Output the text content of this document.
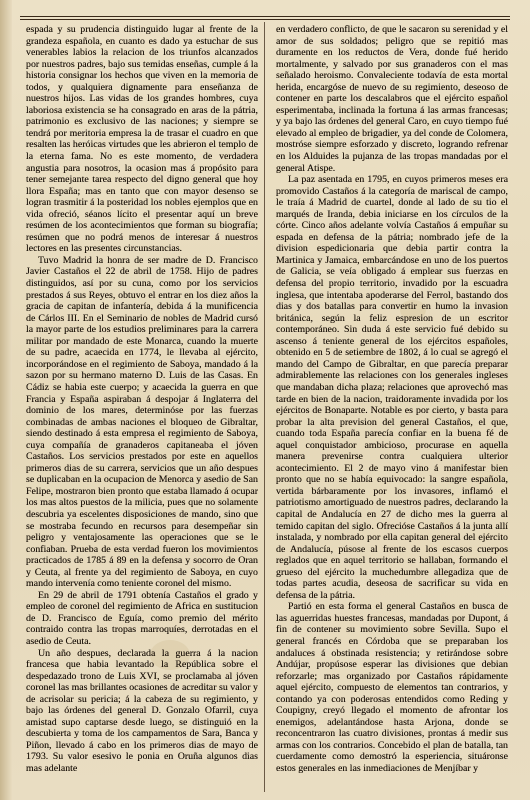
espada y su prudencia distinguido lugar al frente de la grandeza española, en cuanto es dado ya estuchar de sus venerables labios la relacion de los triunfos alcanzados por nuestros padres, bajo sus temidas enseñas, cumple á la historia consignar los hechos que viven en la memoria de todos, y qualquiera dignamente para enseñanza de nuestros hijos. Las vidas de los grandes hombres, cuya laboriosa existencia se ha consagrado en aras de la pátria, patrimonio es exclusivo de las naciones; y siempre se tendrá por meritoria empresa la de trasar el cuadro en que resalten las heróicas virtudes que les abrieron el templo de la eterna fama. No es este momento, de verdadera angustia para nosotros, la ocasion mas á propósito para tener semejante tarea respecto del digno general que hoy llora España; mas en tanto que con mayor desenso se logran trasmitir á la posteridad los nobles ejemplos que en vida ofreció, séanos lícito el presentar aquí un breve resúmen de los acontecimientos que forman su biografía; resúmen que no podrá menos de interesar á nuestros lectores en las presentes circunstancias.

Tuvo Madrid la honra de ser madre de D. Francisco Javier Castaños el 22 de abril de 1758. Hijo de padres distinguidos, así por su cuna, como por los servicios prestados á sus Reyes, obtuvo el entrar en los diez años la gracia de capitan de infantería, debida á la munificencia de Cárlos III. En el Seminario de nobles de Madrid cursó la mayor parte de los estudios preliminares para la carrera militar por mandado de este Monarca, cuando la muerte de su padre, acaecida en 1774, le llevaba al ejército, incorporándose en el regimiento de Saboya, mandado á la sazon por su hermano materno D. Luis de las Casas. En Cádiz se habia este cuerpo; y acaecida la guerra en que Francia y España aspiraban á despojar á Inglaterra del dominio de los mares, determinóse por las fuerzas combinadas de ambas naciones el bloqueo de Gibraltar, siendo destinado á esta empresa el regimiento de Saboya, cuya compañía de granaderos capitaneaba el jóven Castaños. Los servicios prestados por este en aquellos primeros dias de su carrera, servicios que un año despues se duplicaban en la ocupacion de Menorca y asedio de San Felipe, mostraron bien pronto que estaba llamado á ocupar los mas altos puestos de la milicia, pues que no solamente descubria ya escelentes disposiciones de mando, sino que se mostraba fecundo en recursos para desempeñar sin peligro y ventajosamente las operaciones que se le confiaban. Prueba de esta verdad fueron los movimientos practicados de 1785 á 89 en la defensa y socorro de Oran y Ceuta, al frente ya del regimiento de Saboya, en cuyo mando intervenía como teniente coronel del mismo.

En 29 de abril de 1791 obtenía Castaños el grado y empleo de coronel del regimiento de Africa en sustitucion de D. Francisco de Eguía, como premio del mérito contraido contra las tropas marroquíes, derrotadas en el asedio de Ceuta.

Un año despues, declarada la guerra á la nacion francesa que habia levantado la República sobre el despedazado trono de Luis XVI, se proclamaba al jóven coronel las mas brillantes ocasiones de acreditar su valor y de acrisolar su pericia; á la cabeza de su regimiento, y bajo las órdenes del general D. Gonzalo Ofarril, cuya amistad supo captarse desde luego, se distinguió en la descubierta y toma de los campamentos de Sara, Banca y Piñon, llevado á cabo en los primeros dias de mayo de 1793. Su valor esesivo le ponia en Oruña algunos dias mas adelante

en verdadero conflicto, de que le sacaron su serenidad y el amor de sus soldados; peligro que se repitió mas duramente en los reductos de Vera, donde fué herido mortalmente, y salvado por sus granaderos con el mas señalado heroismo. Convaleciente todavía de esta mortal herida, encargóse de nuevo de su regimiento, deseoso de contener en parte los descalabros que el ejército español esperimentaba, inclinada la fortuna á las armas francesas; y ya bajo las órdenes del general Caro, en cuyo tiempo fué elevado al empleo de brigadier, ya del conde de Colomera, mostróse siempre esforzado y discreto, logrando refrenar en los Alduides la pujanza de las tropas mandadas por el general Atispe.

La paz asentada en 1795, en cuyos primeros meses era promovido Castaños á la categoría de mariscal de campo, le traía á Madrid de cuartel, donde al lado de su tio el marqués de Iranda, debia iniciarse en los círculos de la córte. Cinco años adelante volvía Castaños á empuñar su espada en defensa de la pátria; nombrado jefe de la division espedicionaria que debia partir contra la Martinica y Jamaica, embarcándose en uno de los puertos de Galicia, se veía obligado á emplear sus fuerzas en defensa del propio territorio, invadido por la escuadra inglesa, que intentaba apoderarse del Ferrol, bastando dos dias y dos batallas para convertir en humo la invasion británica, según la feliz espresion de un escritor contemporáneo. Sin duda á este servicio fué debido su ascenso á teniente general de los ejércitos españoles, obtenido en 5 de setiembre de 1802, á lo cual se agregó el mando del Campo de Gibraltar, en que parecía preparar admirablemente las relaciones con los generales ingleses que mandaban dicha plaza; relaciones que aprovechó mas tarde en bien de la nacion, traidoramente invadida por los ejércitos de Bonaparte. Notable es por cierto, y basta para probar la alta prevision del general Castaños, el que, cuando toda España parecía confiar en la buena fé de aquel conquistador ambicioso, procurase en aquella manera prevenirse contra cualquiera ulterior acontecimiento. El 2 de mayo vino á manifestar bien pronto que no se había equivocado: la sangre española, vertida bárbaramente por los invasores, inflamó el patriotismo amortiguado de nuestros padres, declarando la capital de Andalucía en 27 de dicho mes la guerra al temido capitan del siglo. Ofrecióse Castaños á la junta allí instalada, y nombrado por ella capitan general del ejército de Andalucía, púsose al frente de los escasos cuerpos reglados que en aquel territorio se hallaban, formando el grueso del ejército la muchedumbre allegadiza que de todas partes acudia, deseosa de sacrificar su vida en defensa de la pátria.

Partió en esta forma el general Castaños en busca de las aguerridas huestes francesas, mandadas por Dupont, á fin de contener su movimiento sobre Sevilla. Supo el general francés en Córdoba que se preparaban los andaluces á obstinada resistencia; y retirándose sobre Andújar, propúsose esperar las divisiones que debian reforzarle; mas organizado por Castaños rápidamente aquel ejército, compuesto de elementos tan contrarios, y contando ya con poderosas entendidos como Reding y Coupigny, creyó llegado el momento de afrontar los enemigos, adelantándose hasta Arjona, donde se reconcentraron las cuatro divisiones, prontas á medir sus armas con los contrarios. Concebido el plan de batalla, tan cuerdamente como demostró la esperiencia, situáronse estos generales en las inmediaciones de Menjíbar y
